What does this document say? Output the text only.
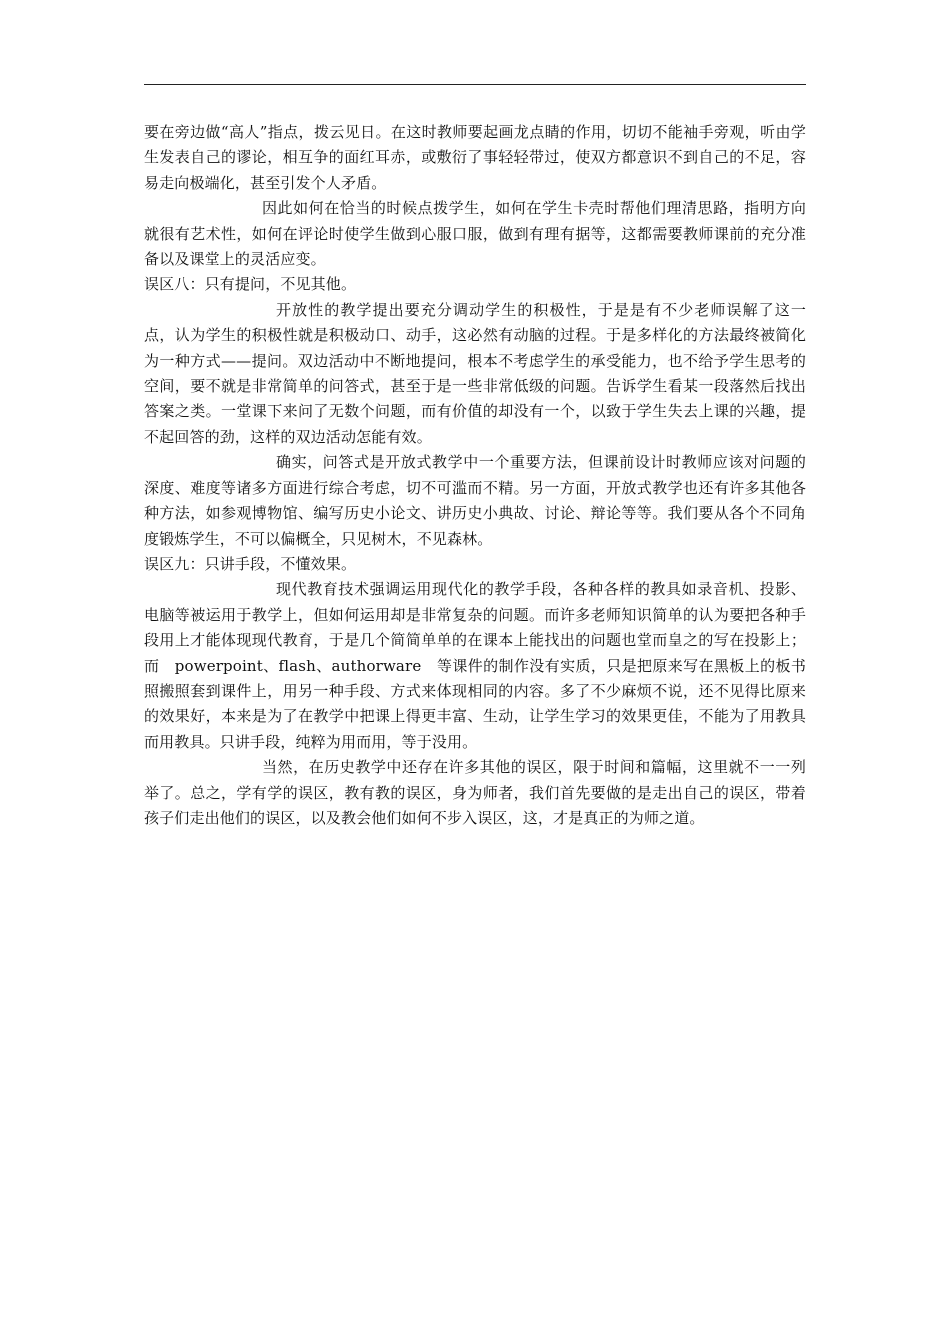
要在旁边做“高人”指点，拨云见日。在这时教师要起画龙点睛的作用，切切不能袖手旁观，听由学生发表自己的谬论，相互争的面红耳赤，或敷衍了事轻轻带过，使双方都意识不到自己的不足，容易走向极端化，甚至引发个人矛盾。

因此如何在恰当的时候点拨学生，如何在学生卡壳时帮他们理清思路，指明方向就很有艺术性，如何在评论时使学生做到心服口服，做到有理有据等，这都需要教师课前的充分准备以及课堂上的灵活应变。

误区八：只有提问，不见其他。

开放性的教学提出要充分调动学生的积极性，于是是有不少老师误解了这一点，认为学生的积极性就是积极动口、动手，这必然有动脑的过程。于是多样化的方法最终被简化为一种方式——提问。双边活动中不断地提问，根本不考虑学生的承受能力，也不给予学生思考的空间，要不就是非常简单的问答式，甚至于是一些非常低级的问题。告诉学生看某一段落然后找出答案之类。一堂课下来问了无数个问题，而有价值的却没有一个，以致于学生失去上课的兴趣，提不起回答的劲，这样的双边活动怎能有效。

确实，问答式是开放式教学中一个重要方法，但课前设计时教师应该对问题的深度、难度等诸多方面进行综合考虑，切不可滥而不精。另一方面，开放式教学也还有许多其他各种方法，如参观博物馆、编写历史小论文、讲历史小典故、讨论、辩论等等。我们要从各个不同角度锻炼学生，不可以偏概全，只见树木，不见森林。

误区九：只讲手段，不懂效果。

现代教育技术强调运用现代化的教学手段，各种各样的教具如录音机、投影、电脑等被运用于教学上，但如何运用却是非常复杂的问题。而许多老师知识简单的认为要把各种手段用上才能体现现代教育，于是几个简简单单的在课本上能找出的问题也堂而皇之的写在投影上；而　powerpoint、flash、authorware　等课件的制作没有实质，只是把原来写在黑板上的板书照搬照套到课件上，用另一种手段、方式来体现相同的内容。多了不少麻烦不说，还不见得比原来的效果好，本来是为了在教学中把课上得更丰富、生动，让学生学习的效果更佳，不能为了用教具而用教具。只讲手段，纯粹为用而用，等于没用。

当然，在历史教学中还存在许多其他的误区，限于时间和篇幅，这里就不一一列举了。总之，学有学的误区，教有教的误区，身为师者，我们首先要做的是走出自己的误区，带着孩子们走出他们的误区，以及教会他们如何不步入误区，这，才是真正的为师之道。
